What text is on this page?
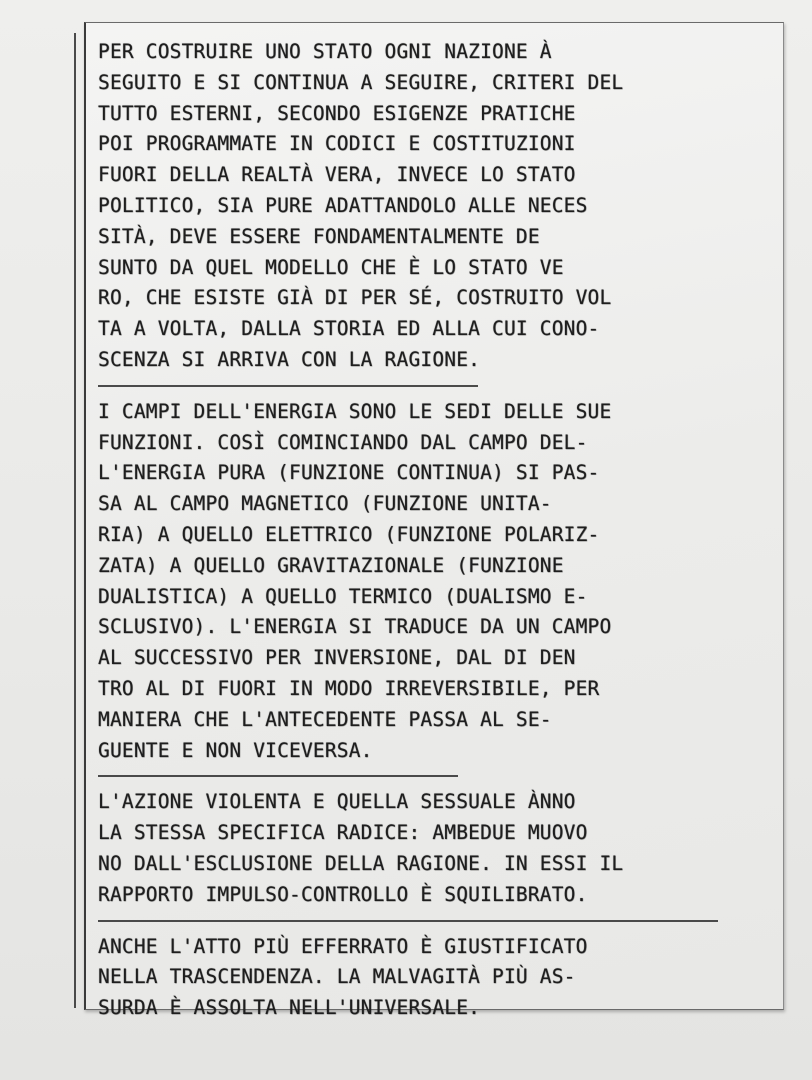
PER COSTRUIRE UNO STATO OGNI NAZIONE À
SEGUITO E SI CONTINUA A SEGUIRE, CRITERI DEL
TUTTO ESTERNI, SECONDO ESIGENZE PRATICHE
POI PROGRAMMATE IN CODICI E COSTITUZIONI
FUORI DELLA REALTÀ VERA, INVECE LO STATO
POLITICO, SIA PURE ADATTANDOLO ALLE NECES
SITÀ, DEVE ESSERE FONDAMENTALMENTE DE
SUNTO DA QUEL MODELLO CHE È LO STATO VE
RO, CHE ESISTE GIÀ DI PER SÉ, COSTRUITO VOL
TA A VOLTA, DALLA STORIA ED ALLA CUI CONO-
SCENZA SI ARRIVA CON LA RAGIONE.
I CAMPI DELL'ENERGIA SONO LE SEDI DELLE SUE
FUNZIONI. COSÌ COMINCIANDO DAL CAMPO DEL-
L'ENERGIA PURA (FUNZIONE CONTINUA) SI PAS-
SA AL CAMPO MAGNETICO (FUNZIONE UNITA-
RIA) A QUELLO ELETTRICO (FUNZIONE POLARIZ-
ZATA) A QUELLO GRAVITAZIONALE (FUNZIONE
DUALISTICA) A QUELLO TERMICO (DUALISMO E-
SCLUSIVO). L'ENERGIA SI TRADUCE DA UN CAMPO
AL SUCCESSIVO PER INVERSIONE, DAL DI DEN
TRO AL DI FUORI IN MODO IRREVERSIBILE, PER
MANIERA CHE L'ANTECEDENTE PASSA AL SE-
GUENTE E NON VICEVERSA.
L'AZIONE VIOLENTA E QUELLA SESSUALE ÀNNO
LA STESSA SPECIFICA RADICE: AMBEDUE MUOVO
NO DALL'ESCLUSIONE DELLA RAGIONE. IN ESSI IL
RAPPORTO IMPULSO-CONTROLLO È SQUILIBRATO.
ANCHE L'ATTO PIÙ EFFERRATO È GIUSTIFICATO
NELLA TRASCENDENZA. LA MALVAGITÀ PIÙ AS-
SURDA È ASSOLTA NELL'UNIVERSALE.
